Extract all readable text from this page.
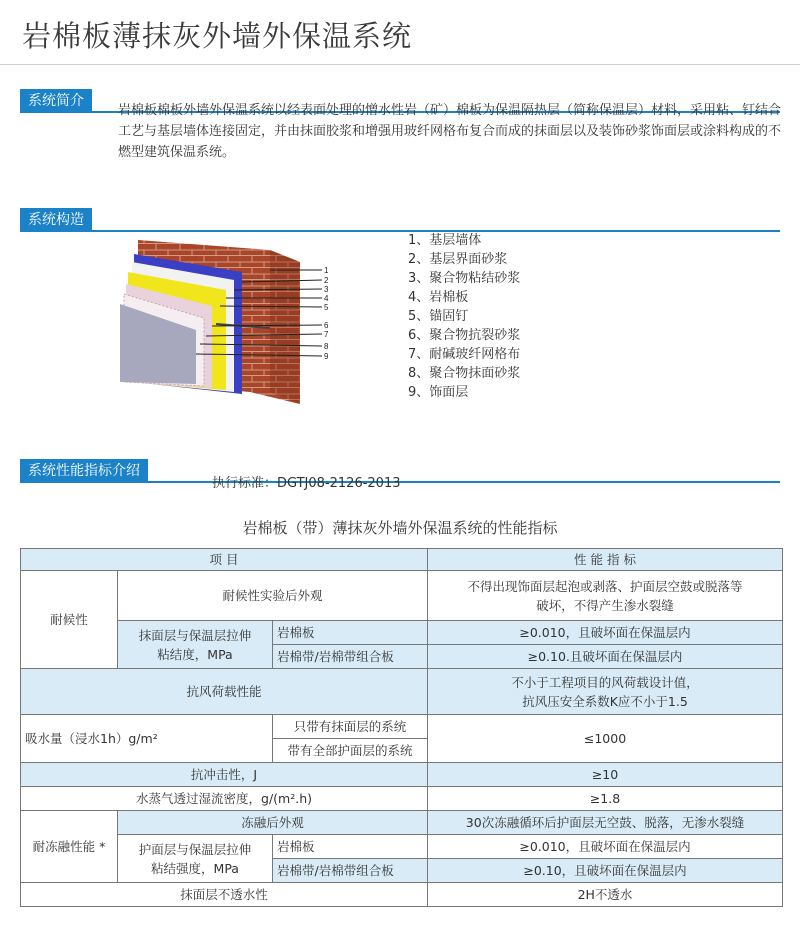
岩棉板薄抹灰外墙外保温系统
系统简介
岩棉板棉板外墙外保温系统以经表面处理的憎水性岩（矿）棉板为保温隔热层（简称保温层）材料，采用粘、钉结合工艺与基层墙体连接固定，并由抹面胶浆和增强用玻纤网格布复合而成的抹面层以及装饰砂浆饰面层或涂料构成的不燃型建筑保温系统。
系统构造
1
2
3
4
5
6
7
8
9
1、基层墙体
2、基层界面砂浆
3、聚合物粘结砂浆
4、岩棉板
5、锚固钉
6、聚合物抗裂砂浆
7、耐碱玻纤网格布
8、聚合物抹面砂浆
9、饰面层
系统性能指标介绍
执行标准：DGTJ08-2126-2013
岩棉板（带）薄抹灰外墙外保温系统的性能指标
项 目			性 能 指 标
耐候性	耐候性实验后外观		不得出现饰面层起泡或剥落、护面层空鼓或脱落等
破坏，不得产生渗水裂缝

	抹面层与保温层拉伸
粘结度，MPa	岩棉板	≥0.010，且破坏面在保温层内
		岩棉带/岩棉带组合板	≥0.10.且破坏面在保温层内
抗风荷载性能			不小于工程项目的风荷载设计值，
抗风压安全系数K应不小于1.5

吸水量（浸水1h）g/m²		只带有抹面层的系统	≤1000
		带有全部护面层的系统	
抗冲击性，J			≥10
水蒸气透过湿流密度，g/(m².h)			≥1.8
耐冻融性能 *	冻融后外观		30次冻融循环后护面层无空鼓、脱落，无渗水裂缝

	护面层与保温层拉伸
粘结强度，MPa	岩棉板	≥0.010，且破坏面在保温层内
		岩棉带/岩棉带组合板	≥0.10，且破坏面在保温层内
抹面层不透水性			2H不透水
